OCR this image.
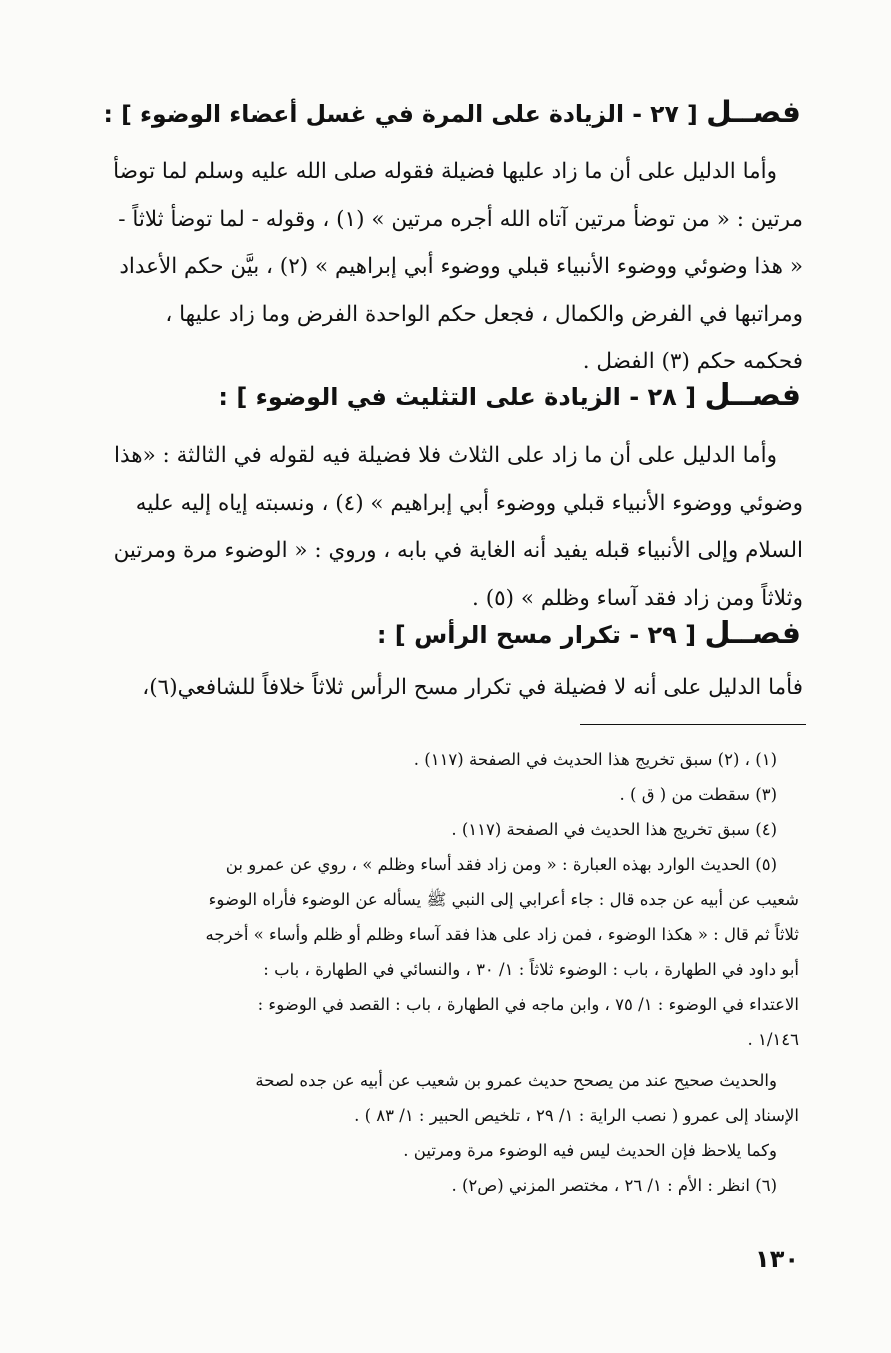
فصــل [ ٢٧ - الزيادة على المرة في غسل أعضاء الوضوء ] :
وأما الدليل على أن ما زاد عليها فضيلة فقوله صلى الله عليه وسلم لما توضأ
مرتين : « من توضأ مرتين آتاه الله أجره مرتين » (١) ، وقوله - لما توضأ ثلاثاً -
« هذا وضوئي ووضوء الأنبياء قبلي ووضوء أبي إبراهيم » (٢) ، بيَّن حكم الأعداد
ومراتبها في الفرض والكمال ، فجعل حكم الواحدة الفرض وما زاد عليها ،
فحكمه حكم (٣) الفضل .
فصــل [ ٢٨ - الزيادة على التثليث في الوضوء ] :
وأما الدليل على أن ما زاد على الثلاث فلا فضيلة فيه لقوله في الثالثة : «هذا
وضوئي ووضوء الأنبياء قبلي ووضوء أبي إبراهيم » (٤) ، ونسبته إياه إليه عليه
السلام وإلى الأنبياء قبله يفيد أنه الغاية في بابه ، وروي : « الوضوء مرة ومرتين
وثلاثاً ومن زاد فقد آساء وظلم » (٥) .
فصــل [ ٢٩ - تكرار مسح الرأس ] :
فأما الدليل على أنه لا فضيلة في تكرار مسح الرأس ثلاثاً خلافاً للشافعي(٦)،
(١) ، (٢) سبق تخريج هذا الحديث في الصفحة (١١٧) .
(٣) سقطت من ( ق ) .
(٤) سبق تخريج هذا الحديث في الصفحة (١١٧) .
(٥) الحديث الوارد بهذه العبارة : « ومن زاد فقد أساء وظلم » ، روي عن عمرو بن
شعيب عن أبيه عن جده قال : جاء أعرابي إلى النبي ﷺ يسأله عن الوضوء فأراه الوضوء
ثلاثاً ثم قال : « هكذا الوضوء ، فمن زاد على هذا فقد آساء وظلم أو ظلم وأساء » أخرجه
أبو داود في الطهارة ، باب : الوضوء ثلاثاً : ١/ ٣٠ ، والنسائي في الطهارة ، باب :
الاعتداء في الوضوء : ١/ ٧٥ ، وابن ماجه في الطهارة ، باب : القصد في الوضوء :
١/١٤٦ .
والحديث صحيح عند من يصحح حديث عمرو بن شعيب عن أبيه عن جده لصحة
الإسناد إلى عمرو ( نصب الراية : ١/ ٢٩ ، تلخيص الحبير : ١/ ٨٣ ) .
وكما يلاحظ فإن الحديث ليس فيه الوضوء مرة ومرتين .
(٦) انظر : الأم : ١/ ٢٦ ، مختصر المزني (ص٢) .
١٣٠
